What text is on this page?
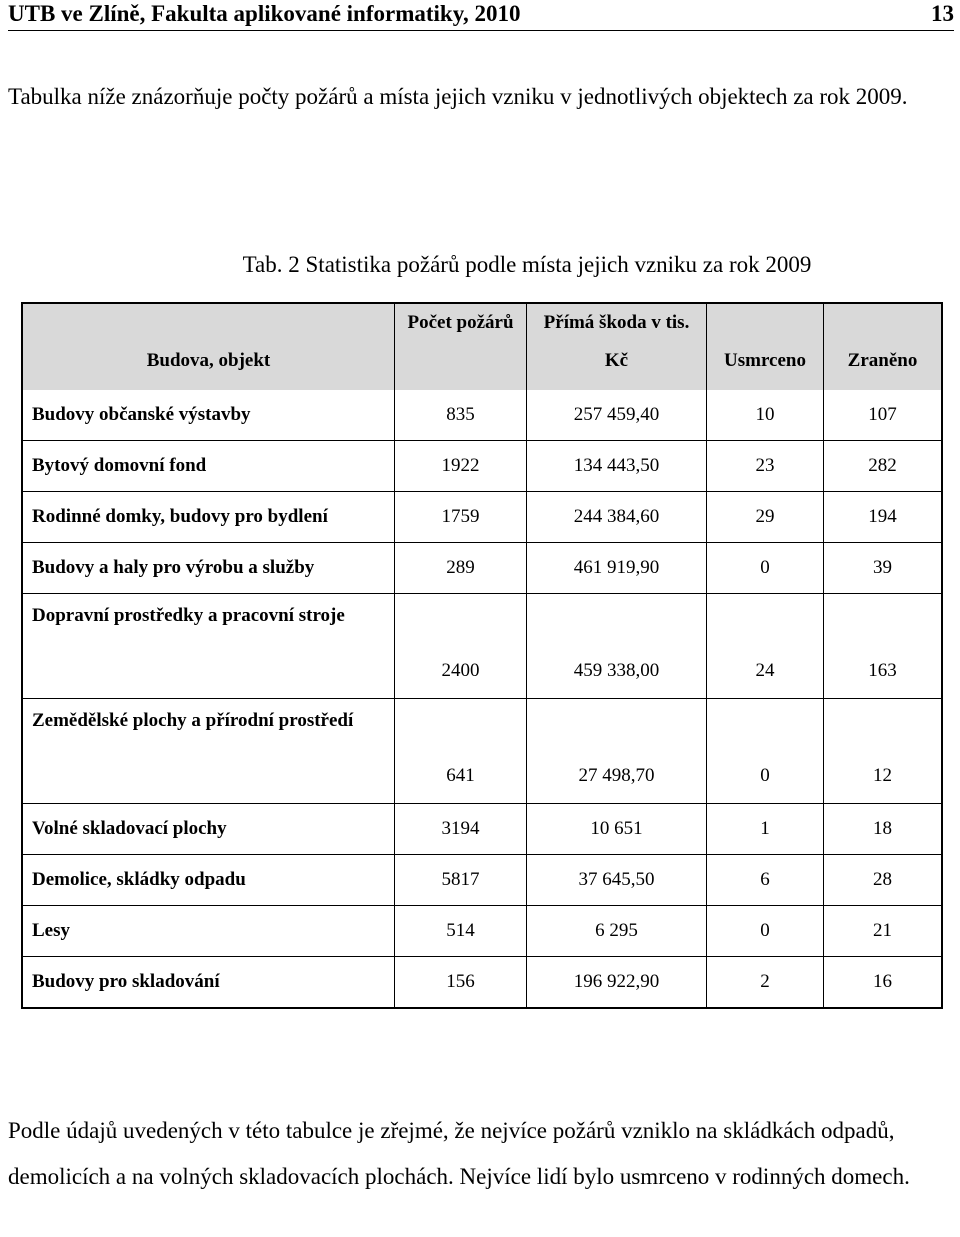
UTB ve Zlíně, Fakulta aplikované informatiky, 2010	13

Tabulka níže znázorňuje počty požárů a místa jejich vzniku v jednotlivých objektech za rok 2009.

Tab. 2 Statistika požárů podle místa jejich vzniku za rok 2009

Budova, objekt	Počet požárů	Přímá škoda v tis. Kč	Usmrceno	Zraněno

Budovy občanské výstavby	835	257 459,40	10	107
Bytový domovní fond	1922	134 443,50	23	282
Rodinné domky, budovy pro bydlení	1759	244 384,60	29	194
Budovy a haly pro výrobu a služby	289	461 919,90	0	39
Dopravní prostředky a pracovní stroje	2400	459 338,00	24	163
Zemědělské plochy a přírodní prostředí	641	27 498,70	0	12
Volné skladovací plochy	3194	10 651	1	18
Demolice, skládky odpadu	5817	37 645,50	6	28
Lesy	514	6 295	0	21
Budovy pro skladování	156	196 922,90	2	16

Podle údajů uvedených v této tabulce je zřejmé, že nejvíce požárů vzniklo na skládkách odpadů, demolicích a na volných skladovacích plochách. Nejvíce lidí bylo usmrceno v rodinných domech.
